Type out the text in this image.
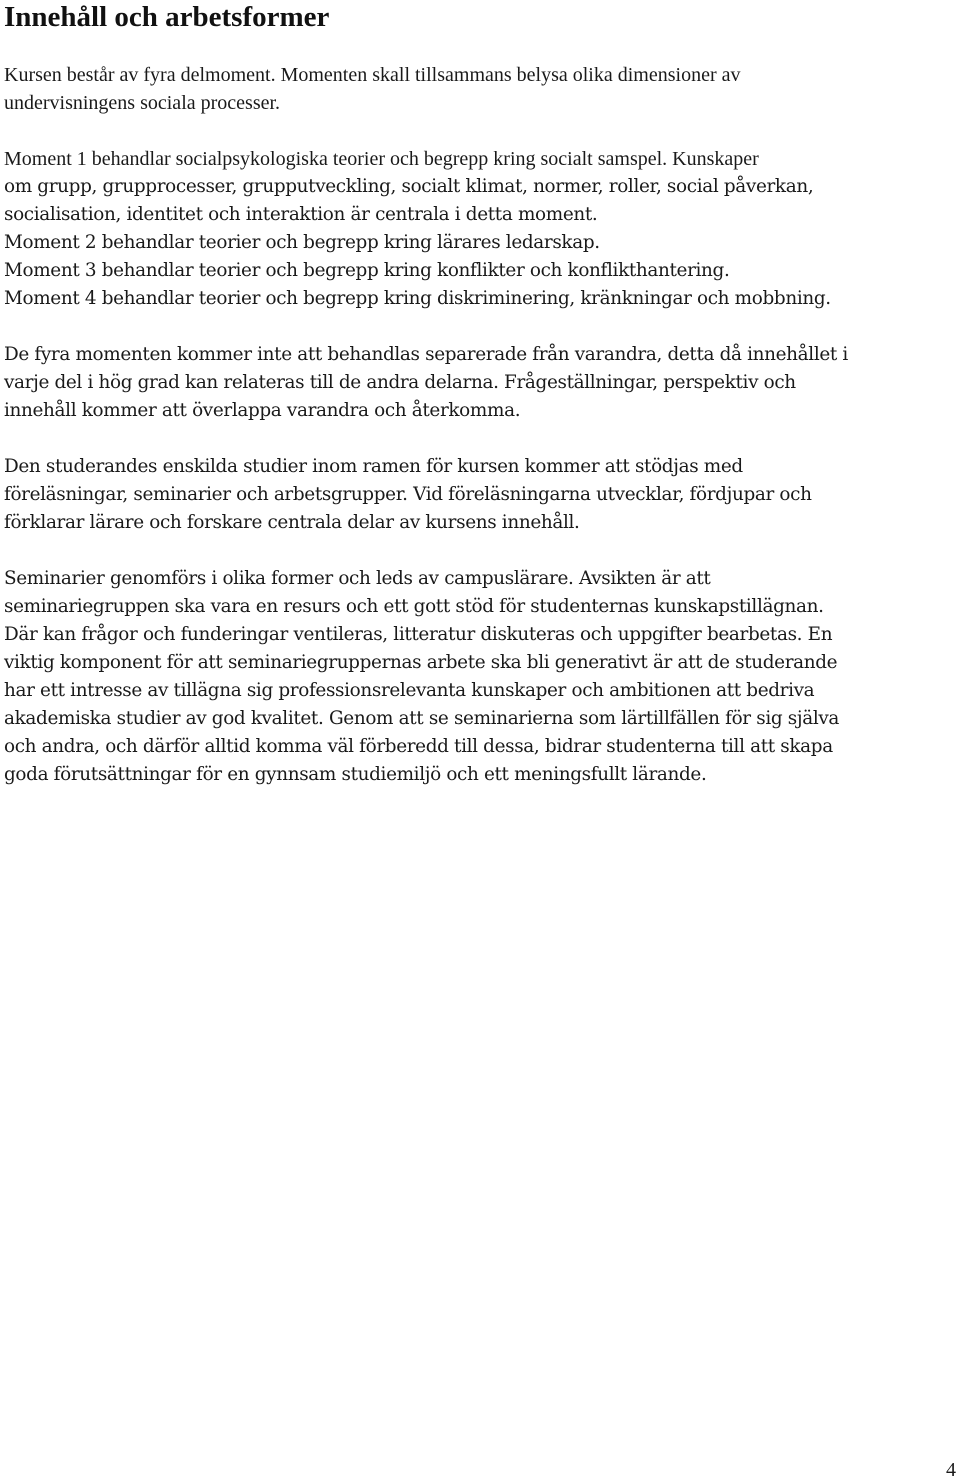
Innehåll och arbetsformer

Kursen består av fyra delmoment. Momenten skall tillsammans belysa olika dimensioner av
undervisningens sociala processer.

Moment 1 behandlar socialpsykologiska teorier och begrepp kring socialt samspel. Kunskaper
om grupp, grupprocesser, grupputveckling, socialt klimat, normer, roller, social påverkan,
socialisation, identitet och interaktion är centrala i detta moment.
Moment 2 behandlar teorier och begrepp kring lärares ledarskap.
Moment 3 behandlar teorier och begrepp kring konflikter och konflikthantering.
Moment 4 behandlar teorier och begrepp kring diskriminering, kränkningar och mobbning.

De fyra momenten kommer inte att behandlas separerade från varandra, detta då innehållet i
varje del i hög grad kan relateras till de andra delarna. Frågeställningar, perspektiv och
innehåll kommer att överlappa varandra och återkomma.

Den studerandes enskilda studier inom ramen för kursen kommer att stödjas med
föreläsningar, seminarier och arbetsgrupper. Vid föreläsningarna utvecklar, fördjupar och
förklarar lärare och forskare centrala delar av kursens innehåll.

Seminarier genomförs i olika former och leds av campuslärare. Avsikten är att
seminariegruppen ska vara en resurs och ett gott stöd för studenternas kunskapstillägnan.
Där kan frågor och funderingar ventileras, litteratur diskuteras och uppgifter bearbetas. En
viktig komponent för att seminariegruppernas arbete ska bli generativt är att de studerande
har ett intresse av tillägna sig professionsrelevanta kunskaper och ambitionen att bedriva
akademiska studier av god kvalitet. Genom att se seminarierna som lärtillfällen för sig själva
och andra, och därför alltid komma väl förberedd till dessa, bidrar studenterna till att skapa
goda förutsättningar för en gynnsam studiemiljö och ett meningsfullt lärande.

4
